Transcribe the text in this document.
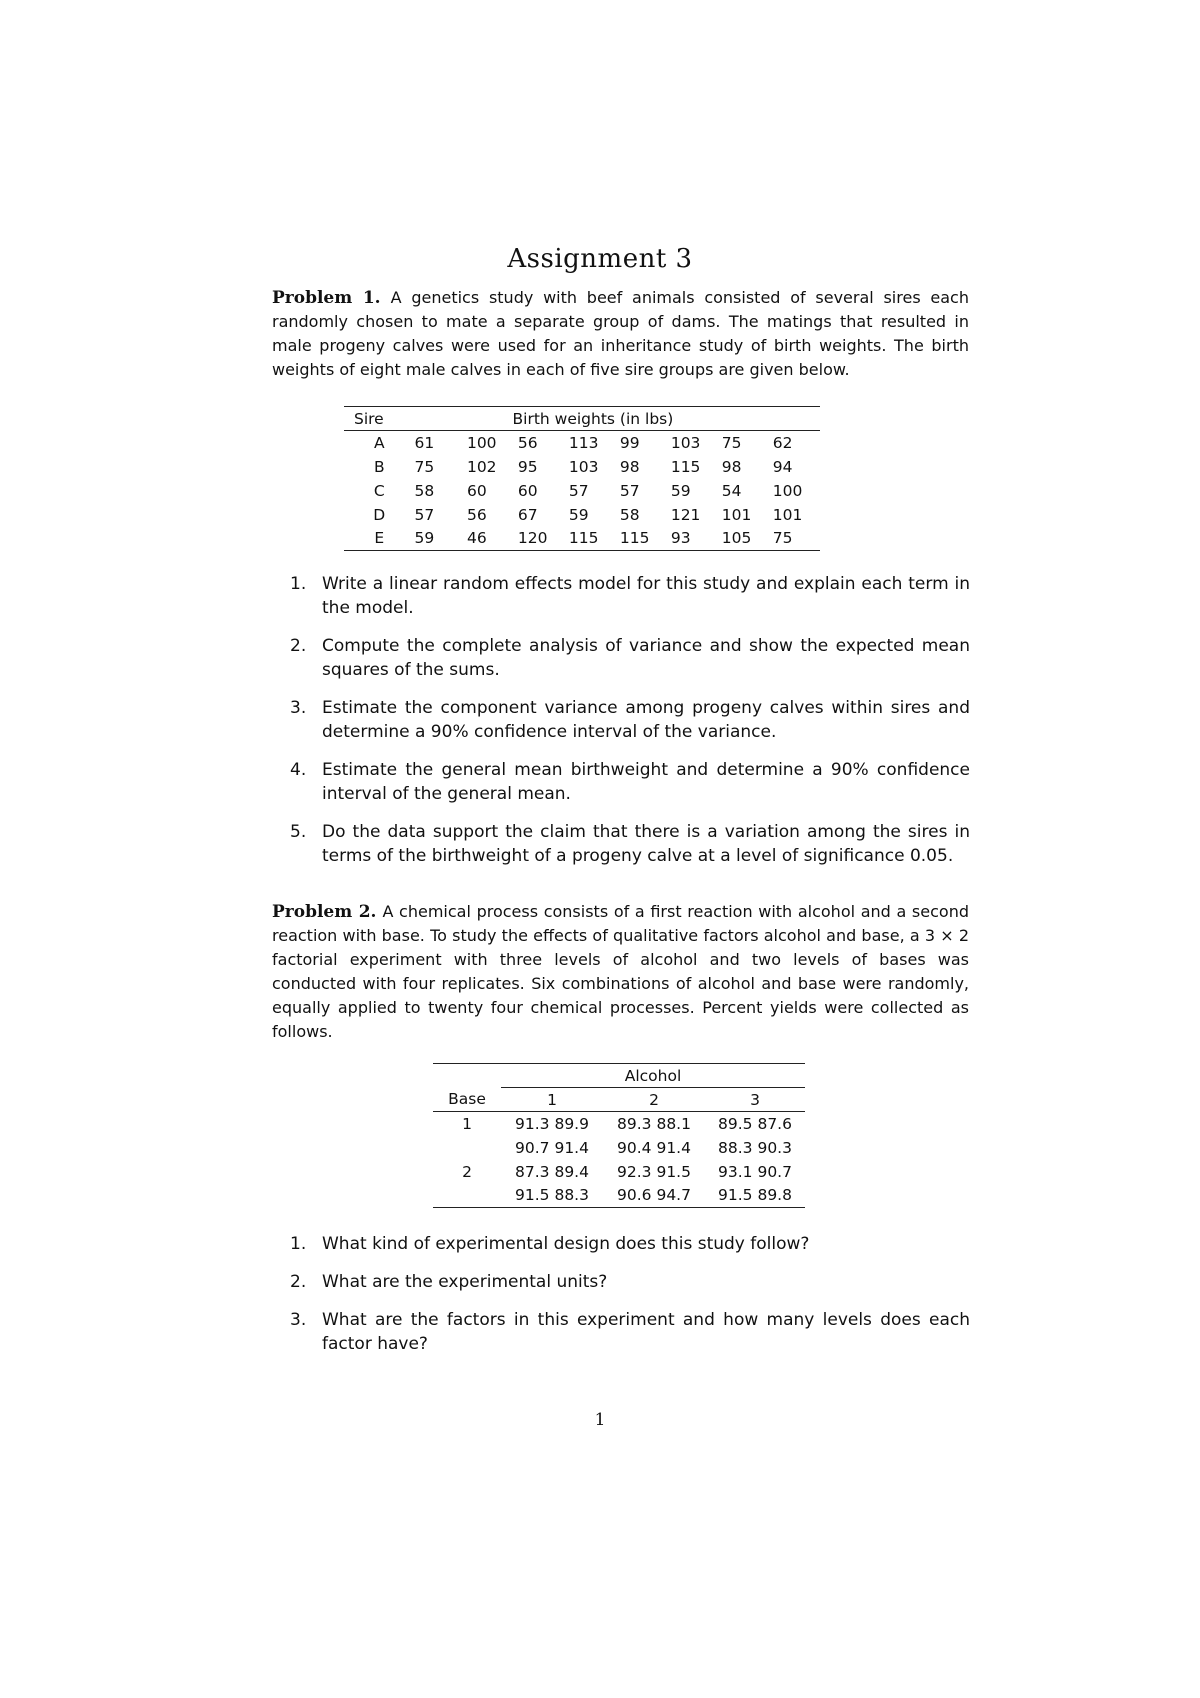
Assignment 3
Problem 1. A genetics study with beef animals consisted of several sires each randomly chosen to mate a separate group of dams. The matings that resulted in male progeny calves were used for an inheritance study of birth weights. The birth weights of eight male calves in each of five sire groups are given below.
Sire	Birth weights (in lbs)							
A	61	100	56	113	99	103	75	62
B	75	102	95	103	98	115	98	94
C	58	60	60	57	57	59	54	100
D	57	56	67	59	58	121	101	101
E	59	46	120	115	115	93	105	75
1. Write a linear random effects model for this study and explain each term in the model.
2. Compute the complete analysis of variance and show the expected mean squares of the sums.
3. Estimate the component variance among progeny calves within sires and determine a 90% confidence interval of the variance.
4. Estimate the general mean birthweight and determine a 90% confidence interval of the general mean.
5. Do the data support the claim that there is a variation among the sires in terms of the birthweight of a progeny calve at a level of significance 0.05.
Problem 2. A chemical process consists of a first reaction with alcohol and a second reaction with base. To study the effects of qualitative factors alcohol and base, a 3 × 2 factorial experiment with three levels of alcohol and two levels of bases was conducted with four replicates. Six combinations of alcohol and base were randomly, equally applied to twenty four chemical processes. Percent yields were collected as follows.
	Alcohol		
Base	1	2	3
1	91.3 89.9	89.3 88.1	89.5 87.6
	90.7 91.4	90.4 91.4	88.3 90.3
2	87.3 89.4	92.3 91.5	93.1 90.7
	91.5 88.3	90.6 94.7	91.5 89.8
1. What kind of experimental design does this study follow?
2. What are the experimental units?
3. What are the factors in this experiment and how many levels does each factor have?
1
